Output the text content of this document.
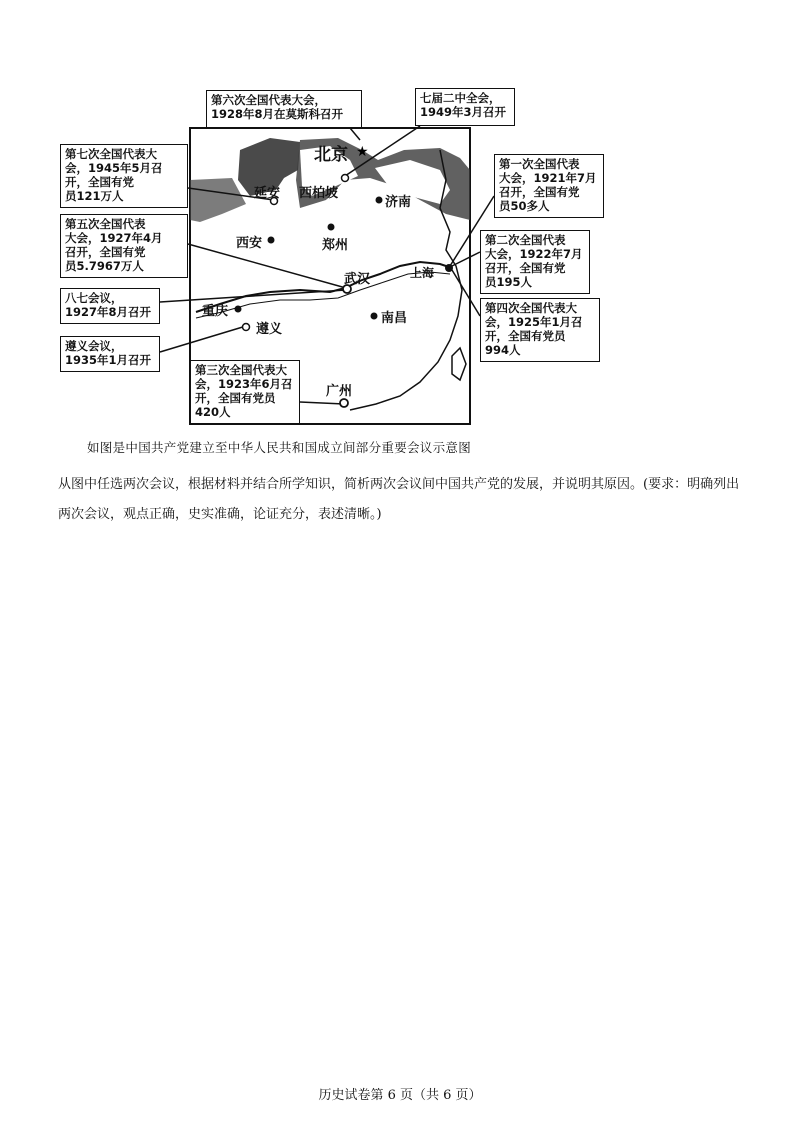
★
北京
延安 西柏坡
济南
西安	郑州
武汉	上海
重庆
遵义
南昌
广州
第六次全国代表大会，
1928年8月在莫斯科召开
七届二中全会，
1949年3月召开
第七次全国代表大
会，1945年5月召
开，全国有党
员121万人
第一次全国代表
大会，1921年7月
召开，全国有党
员50多人
第五次全国代表
大会，1927年4月
召开，全国有党
员5.7967万人
第二次全国代表
大会，1922年7月
召开，全国有党
员195人
八七会议，
1927年8月召开	第四次全国代表大
会，1925年1月召
开，全国有党员
994人
遵义会议，
1935年1月召开
第三次全国代表大
会，1923年6月召
开，全国有党员
420人
如图是中国共产党建立至中华人民共和国成立间部分重要会议示意图
从图中任选两次会议，根据材料并结合所学知识，简析两次会议间中国共产党的发展，并说明其原因。(要求：明确列出两次会议，观点正确，史实准确，论证充分，表述清晰。)
历史试卷第 6 页（共 6 页）
